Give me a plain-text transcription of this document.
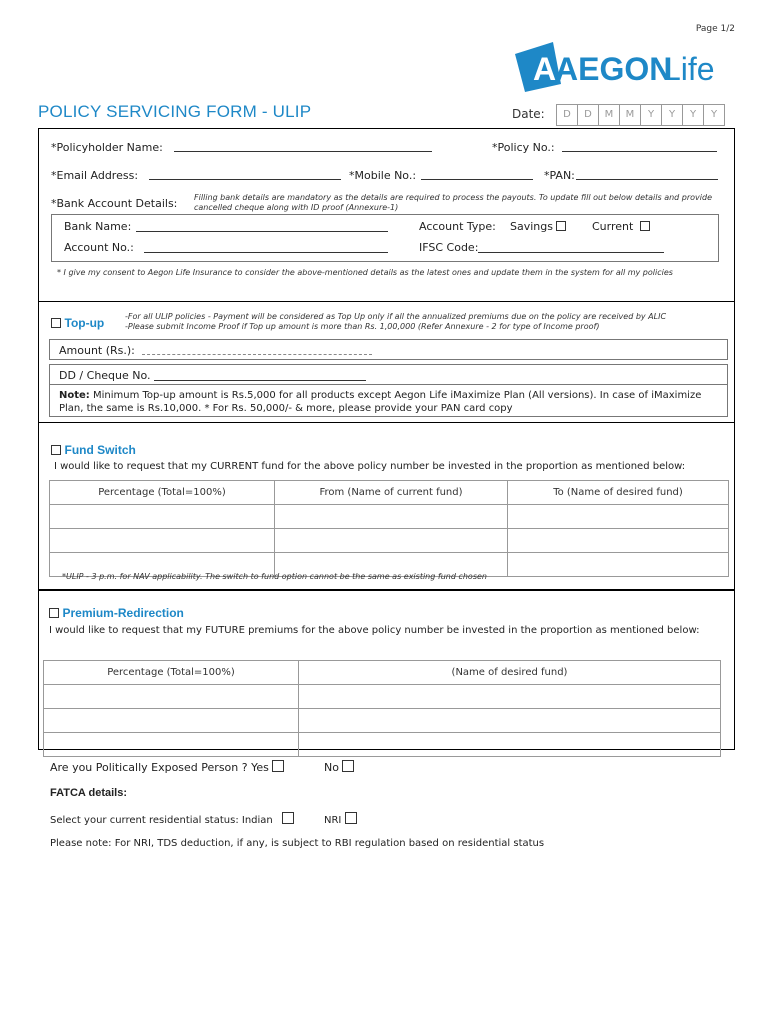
Page 1/2
A
AEGON
Life
POLICY SERVICING FORM - ULIP	Date:	D	D	M	M	Y	Y	Y	Y
*Policyholder Name:	*Policy No.:
*Email Address:	*Mobile No.:	*PAN:
*Bank Account Details: Filling bank details are mandatory as the details are required to process the payouts. To update fill out below details and provide cancelled cheque along with ID proof (Annexure-1)
Bank Name:	Account Type: Savings	Current
Account No.:	IFSC Code:
* I give my consent to Aegon Life Insurance to consider the above-mentioned details as the latest ones and update them in the system for all my policies
Top-up	-For all ULIP policies - Payment will be considered as Top Up only if all the annualized premiums due on the policy are received by ALIC
-Please submit Income Proof if Top up amount is more than Rs. 1,00,000 (Refer Annexure - 2 for type of Income proof)
Amount (Rs.):
DD / Cheque No.
Note: Minimum Top-up amount is Rs.5,000 for all products except Aegon Life iMaximize Plan (All versions). In case of iMaximize Plan, the same is Rs.10,000. * For Rs. 50,000/- & more, please provide your PAN card copy
Fund Switch
I would like to request that my CURRENT fund for the above policy number be invested in the proportion as mentioned below:
Percentage (Total=100%)	From (Name of current fund)	To (Name of desired fund)

*ULIP - 3 p.m. for NAV applicability. The switch to fund option cannot be the same as existing fund chosen
Premium-Redirection
I would like to request that my FUTURE premiums for the above policy number be invested in the proportion as mentioned below:
Percentage (Total=100%)	(Name of desired fund)

Are you Politically Exposed Person ? Yes	No
FATCA details:
Select your current residential status: Indian	NRI
Please note: For NRI, TDS deduction, if any, is subject to RBI regulation based on residential status
